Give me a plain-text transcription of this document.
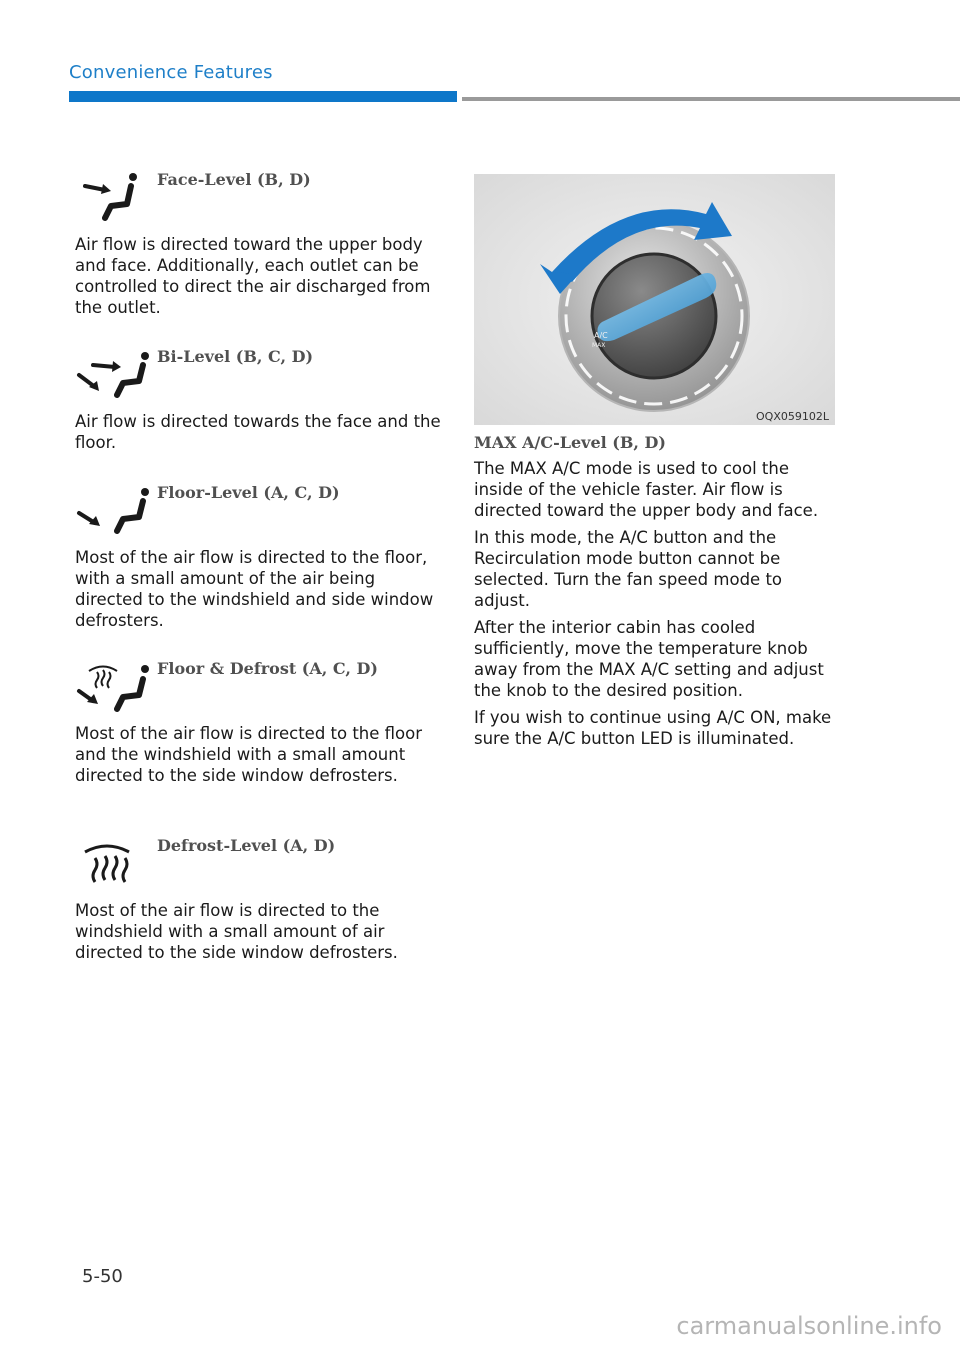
Convenience Features
Face-Level (B, D)
Air flow is directed toward the upper body and face. Additionally, each outlet can be controlled to direct the air discharged from the outlet.
Bi-Level (B, C, D)
Air flow is directed towards the face and the floor.
Floor-Level (A, C, D)
Most of the air flow is directed to the floor, with a small amount of the air being directed to the windshield and side window defrosters.
Floor & Defrost (A, C, D)
Most of the air flow is directed to the floor and the windshield with a small amount directed to the side window defrosters.
Defrost-Level (A, D)
Most of the air flow is directed to the windshield with a small amount of air directed to the side window defrosters.
A/C
MAX
OQX059102L
MAX A/C-Level (B, D)

The MAX A/C mode is used to cool the inside of the vehicle faster. Air flow is directed toward the upper body and face.

In this mode, the A/C button and the Recirculation mode button cannot be selected. Turn the fan speed mode to adjust.

After the interior cabin has cooled sufficiently, move the temperature knob away from the MAX A/C setting and adjust the knob to the desired position.

If you wish to continue using A/C ON, make sure the A/C button LED is illuminated.

5-50
carmanualsonline.info
